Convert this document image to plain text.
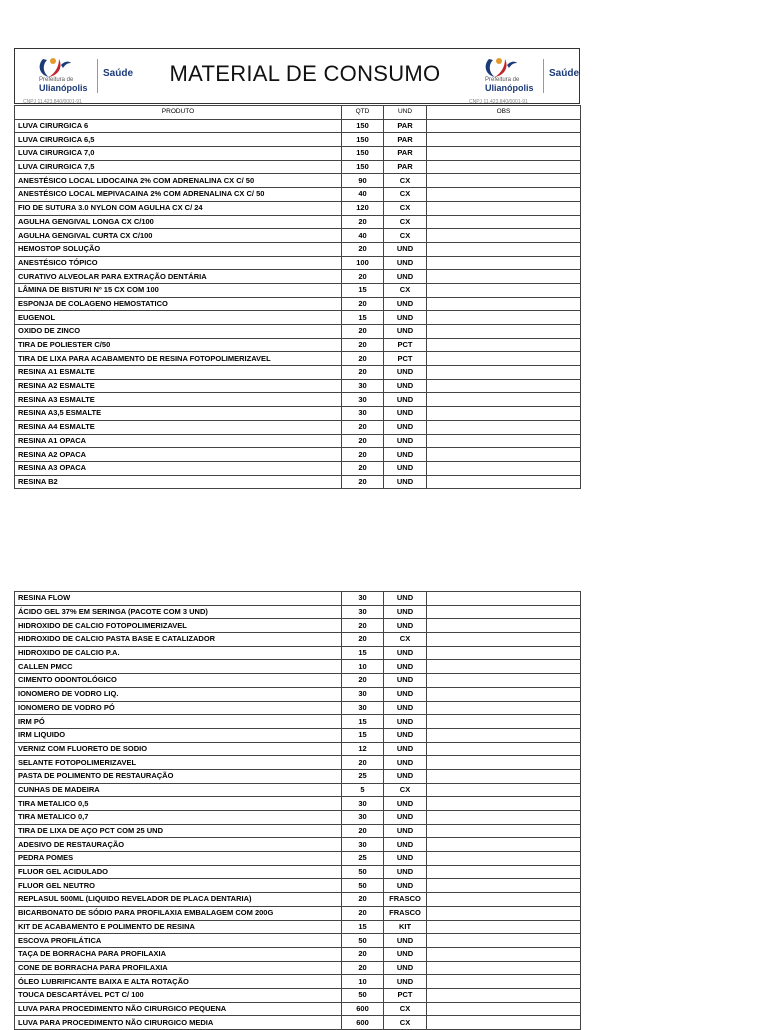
Prefeitura de
Ulianópolis
Saúde
CNPJ 11.423.840/0001-91
MATERIAL DE CONSUMO	Prefeitura de
Ulianópolis
Saúde
CNPJ 11.423.840/0001-91
PRODUTO	QTD	UND	OBS
LUVA CIRURGICA 6	150	PAR	
LUVA CIRURGICA 6,5	150	PAR	
LUVA CIRURGICA 7,0	150	PAR	
LUVA CIRURGICA 7,5	150	PAR	
ANESTÉSICO LOCAL LIDOCAINA 2% COM ADRENALINA CX C/ 50	90	CX	
ANESTÉSICO LOCAL MEPIVACAINA 2% COM ADRENALINA CX C/ 50	40	CX	
FIO DE SUTURA 3.0 NYLON COM AGULHA CX C/ 24	120	CX	
AGULHA GENGIVAL LONGA CX C/100	20	CX	
AGULHA GENGIVAL CURTA CX C/100	40	CX	
HEMOSTOP SOLUÇÃO	20	UND	
ANESTÉSICO TÓPICO	100	UND	
CURATIVO ALVEOLAR PARA EXTRAÇÃO DENTÁRIA	20	UND	
LÂMINA DE BISTURI Nº 15 CX COM 100	15	CX	
ESPONJA DE COLAGENO HEMOSTATICO	20	UND	
EUGENOL	15	UND	
OXIDO DE ZINCO	20	UND	
TIRA DE POLIESTER C/50	20	PCT	
TIRA DE LIXA PARA ACABAMENTO DE RESINA FOTOPOLIMERIZAVEL	20	PCT	
RESINA A1 ESMALTE	20	UND	
RESINA A2 ESMALTE	30	UND	
RESINA A3 ESMALTE	30	UND	
RESINA A3,5 ESMALTE	30	UND	
RESINA A4 ESMALTE	20	UND	
RESINA A1 OPACA	20	UND	
RESINA A2 OPACA	20	UND	
RESINA A3 OPACA	20	UND	
RESINA B2	20	UND	
RESINA FLOW	30	UND	
ÁCIDO GEL 37% EM SERINGA (PACOTE COM 3 UND)	30	UND	
HIDROXIDO DE CALCIO FOTOPOLIMERIZAVEL	20	UND	
HIDROXIDO DE CALCIO PASTA BASE E CATALIZADOR	20	CX	
HIDROXIDO DE CALCIO P.A.	15	UND	
CALLEN PMCC	10	UND	
CIMENTO ODONTOLÓGICO	20	UND	
IONOMERO DE VODRO LIQ.	30	UND	
IONOMERO DE VODRO PÓ	30	UND	
IRM PÓ	15	UND	
IRM LIQUIDO	15	UND	
VERNIZ COM FLUORETO DE SODIO	12	UND	
SELANTE FOTOPOLIMERIZAVEL	20	UND	
PASTA DE POLIMENTO DE RESTAURAÇÃO	25	UND	
CUNHAS DE MADEIRA	5	CX	
TIRA METALICO 0,5	30	UND	
TIRA METALICO 0,7	30	UND	
TIRA DE LIXA DE AÇO PCT COM 25 UND	20	UND	
ADESIVO DE RESTAURAÇÃO	30	UND	
PEDRA POMES	25	UND	
FLUOR GEL ACIDULADO	50	UND	
FLUOR GEL NEUTRO	50	UND	
REPLASUL 500ML (LIQUIDO REVELADOR DE PLACA DENTARIA)	20	FRASCO	
BICARBONATO DE SÓDIO PARA PROFILAXIA EMBALAGEM COM 200G	20	FRASCO	
KIT DE ACABAMENTO E POLIMENTO DE RESINA	15	KIT	
ESCOVA PROFILÁTICA	50	UND	
TAÇA DE BORRACHA PARA PROFILAXIA	20	UND	
CONE DE BORRACHA PARA PROFILAXIA	20	UND	
ÓLEO LUBRIFICANTE BAIXA E ALTA ROTAÇÃO	10	UND	
TOUCA DESCARTÁVEL PCT C/ 100	50	PCT	
LUVA PARA PROCEDIMENTO NÃO CIRURGICO PEQUENA	600	CX	
LUVA PARA PROCEDIMENTO NÃO CIRURGICO MEDIA	600	CX	
